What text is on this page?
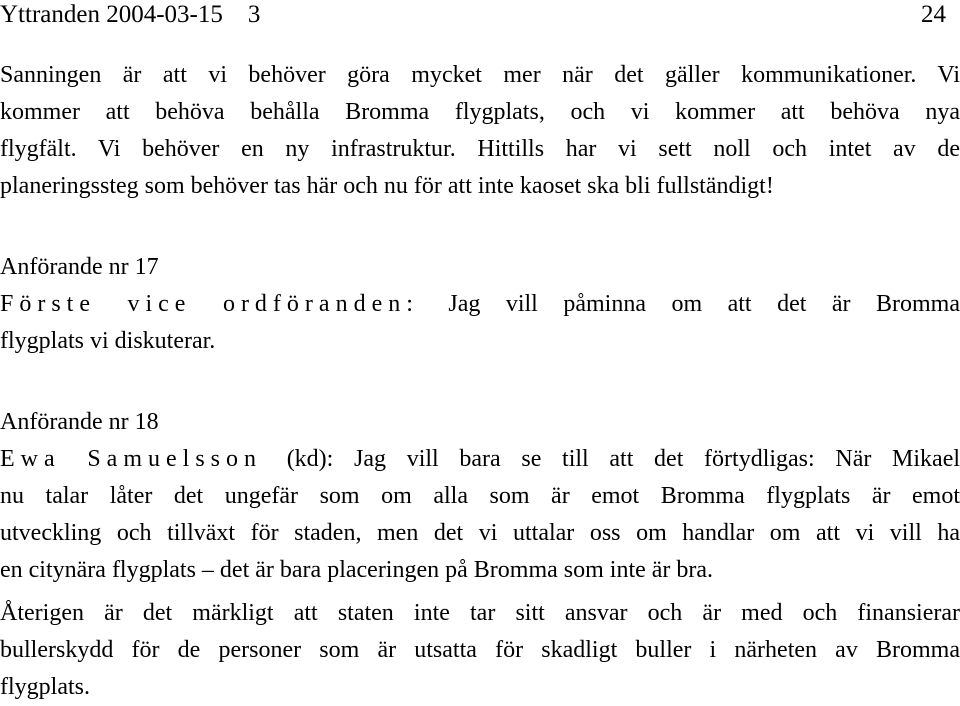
Yttranden 2004-03-15 3	24
Sanningen är att vi behöver göra mycket mer när det gäller kommunikationer. Vi
kommer att behöva behålla Bromma flygplats, och vi kommer att behöva nya
flygfält. Vi behöver en ny infrastruktur. Hittills har vi sett noll och intet av de
planeringssteg som behöver tas här och nu för att inte kaoset ska bli fullständigt!
Anförande nr 17
Förste vice ordföranden: Jag vill påminna om att det är Bromma
flygplats vi diskuterar.
Anförande nr 18
Ewa Samuelsson (kd): Jag vill bara se till att det förtydligas: När Mikael
nu talar låter det ungefär som om alla som är emot Bromma flygplats är emot
utveckling och tillväxt för staden, men det vi uttalar oss om handlar om att vi vill ha
en citynära flygplats – det är bara placeringen på Bromma som inte är bra.
Återigen är det märkligt att staten inte tar sitt ansvar och är med och finansierar
bullerskydd för de personer som är utsatta för skadligt buller i närheten av Bromma
flygplats.
